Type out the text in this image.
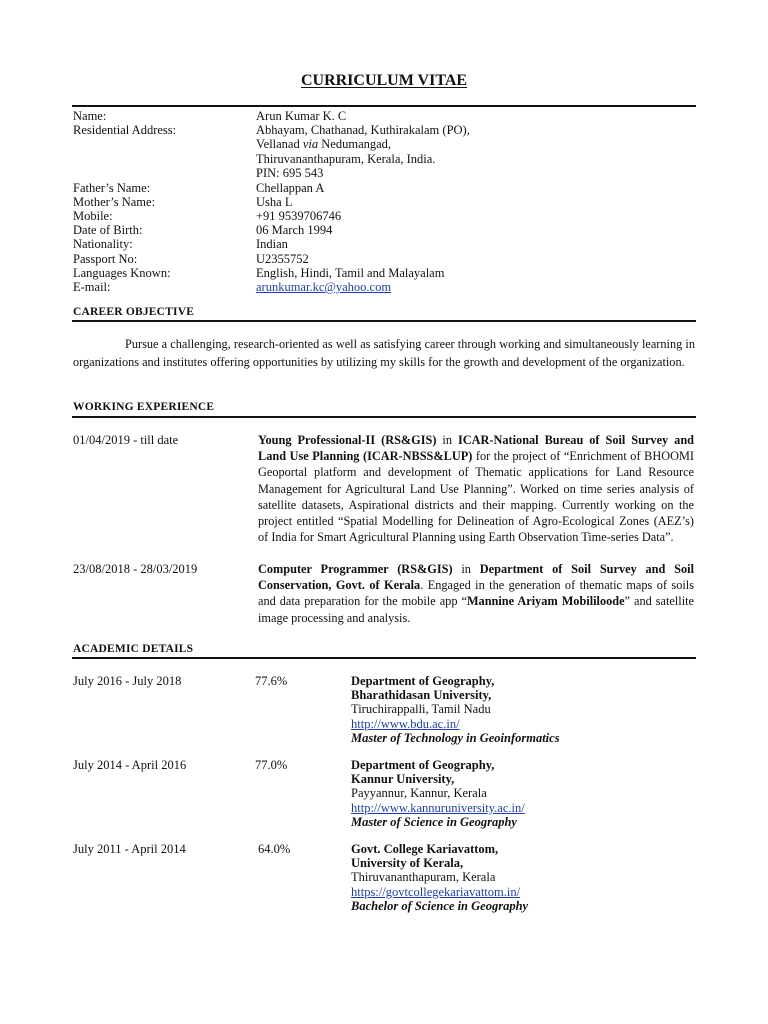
CURRICULUM VITAE
Name:	Arun Kumar K. C
Residential Address:	Abhayam, Chathanad, Kuthirakalam (PO),
Vellanad via Nedumangad,
Thiruvananthapuram, Kerala, India.
PIN: 695 543
Father’s Name:	Chellappan A
Mother’s Name:	Usha L
Mobile:	+91 9539706746
Date of Birth:	06 March 1994
Nationality:	Indian
Passport No:	U2355752
Languages Known:	English, Hindi, Tamil and Malayalam
E-mail:	arunkumar.kc@yahoo.com
CAREER OBJECTIVE
Pursue a challenging, research-oriented as well as satisfying career through working and simultaneously learning in organizations and institutes offering opportunities by utilizing my skills for the growth and development of the organization.
WORKING EXPERIENCE
01/04/2019 - till date	Young Professional-II (RS&GIS) in ICAR-National Bureau of Soil Survey and Land Use Planning (ICAR-NBSS&LUP) for the project of “Enrichment of BHOOMI Geoportal platform and development of Thematic applications for Land Resource Management for Agricultural Land Use Planning”. Worked on time series analysis of satellite datasets, Aspirational districts and their mapping. Currently working on the project entitled “Spatial Modelling for Delineation of Agro-Ecological Zones (AEZ’s) of India for Smart Agricultural Planning using Earth Observation Time-series Data”.
23/08/2018 - 28/03/2019	Computer Programmer (RS&GIS) in Department of Soil Survey and Soil Conservation, Govt. of Kerala. Engaged in the generation of thematic maps of soils and data preparation for the mobile app “Mannine Ariyam Mobililoode” and satellite image processing and analysis.
ACADEMIC DETAILS
July 2016 - July 2018	77.6%	Department of Geography,
Bharathidasan University,
Tiruchirappalli, Tamil Nadu
http://www.bdu.ac.in/
Master of Technology in Geoinformatics
July 2014 - April 2016	77.0%	Department of Geography,
Kannur University,
Payyannur, Kannur, Kerala
http://www.kannuruniversity.ac.in/
Master of Science in Geography
July 2011 - April 2014	64.0%	Govt. College Kariavattom,
University of Kerala,
Thiruvananthapuram, Kerala
https://govtcollegekariavattom.in/
Bachelor of Science in Geography
